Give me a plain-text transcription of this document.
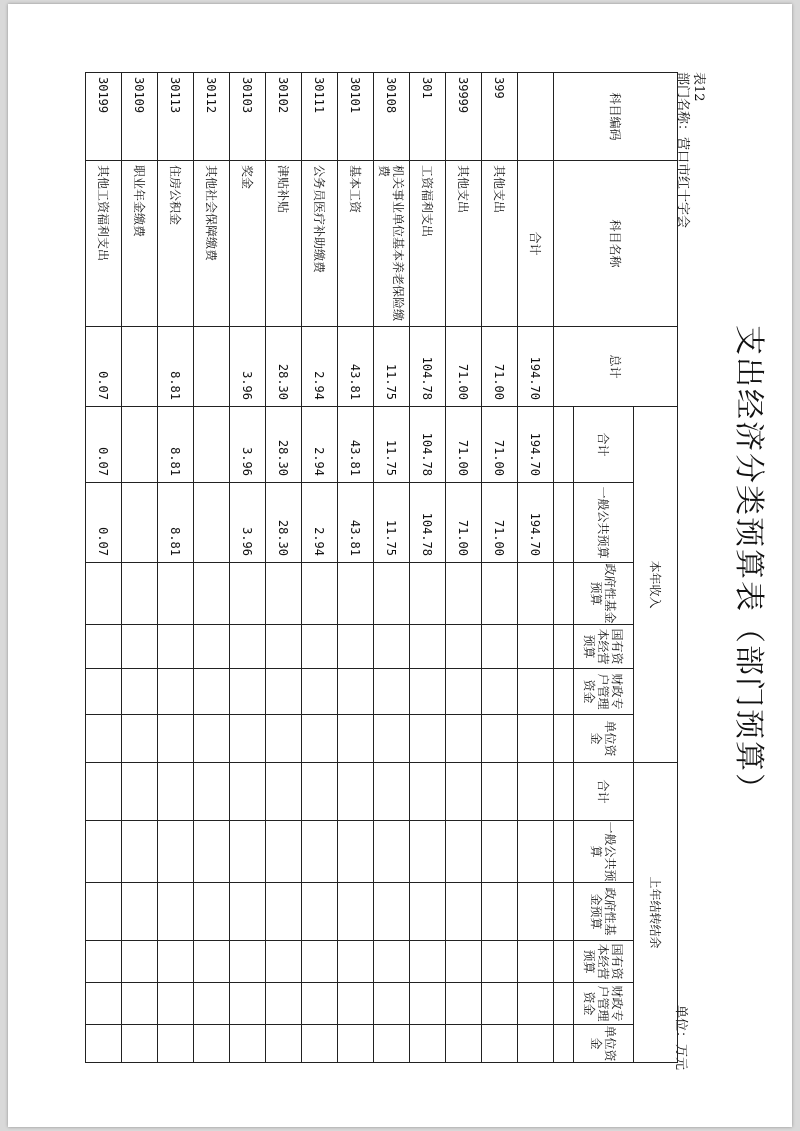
支出经济分类预算表（部门预算）
表12
部门名称：营口市红十字会
单位：万元
科目编码	科目名称	总计	本年收入						上年结转结余					
			合计	一般公共预算	政府性基金预算	国有资本经营预算	财政专户管理资金	单位资金	合计	一般公共预算	政府性基金预算	国有资本经营预算	财政专户管理资金	单位资金

	合计	194.70	194.70	194.70										
399	其他支出	71.00	71.00	71.00										
39999	其他支出	71.00	71.00	71.00										
301	工资福利支出	104.78	104.78	104.78										
30108	机关事业单位基本养老保险缴费	11.75	11.75	11.75										
30101	基本工资	43.81	43.81	43.81										
30111	公务员医疗补助缴费	2.94	2.94	2.94										
30102	津贴补贴	28.30	28.30	28.30										
30103	奖金	3.96	3.96	3.96										
30112	其他社会保障缴费													
30113	住房公积金	8.81	8.81	8.81										
30109	职业年金缴费													
30199	其他工资福利支出	0.07	0.07	0.07										
